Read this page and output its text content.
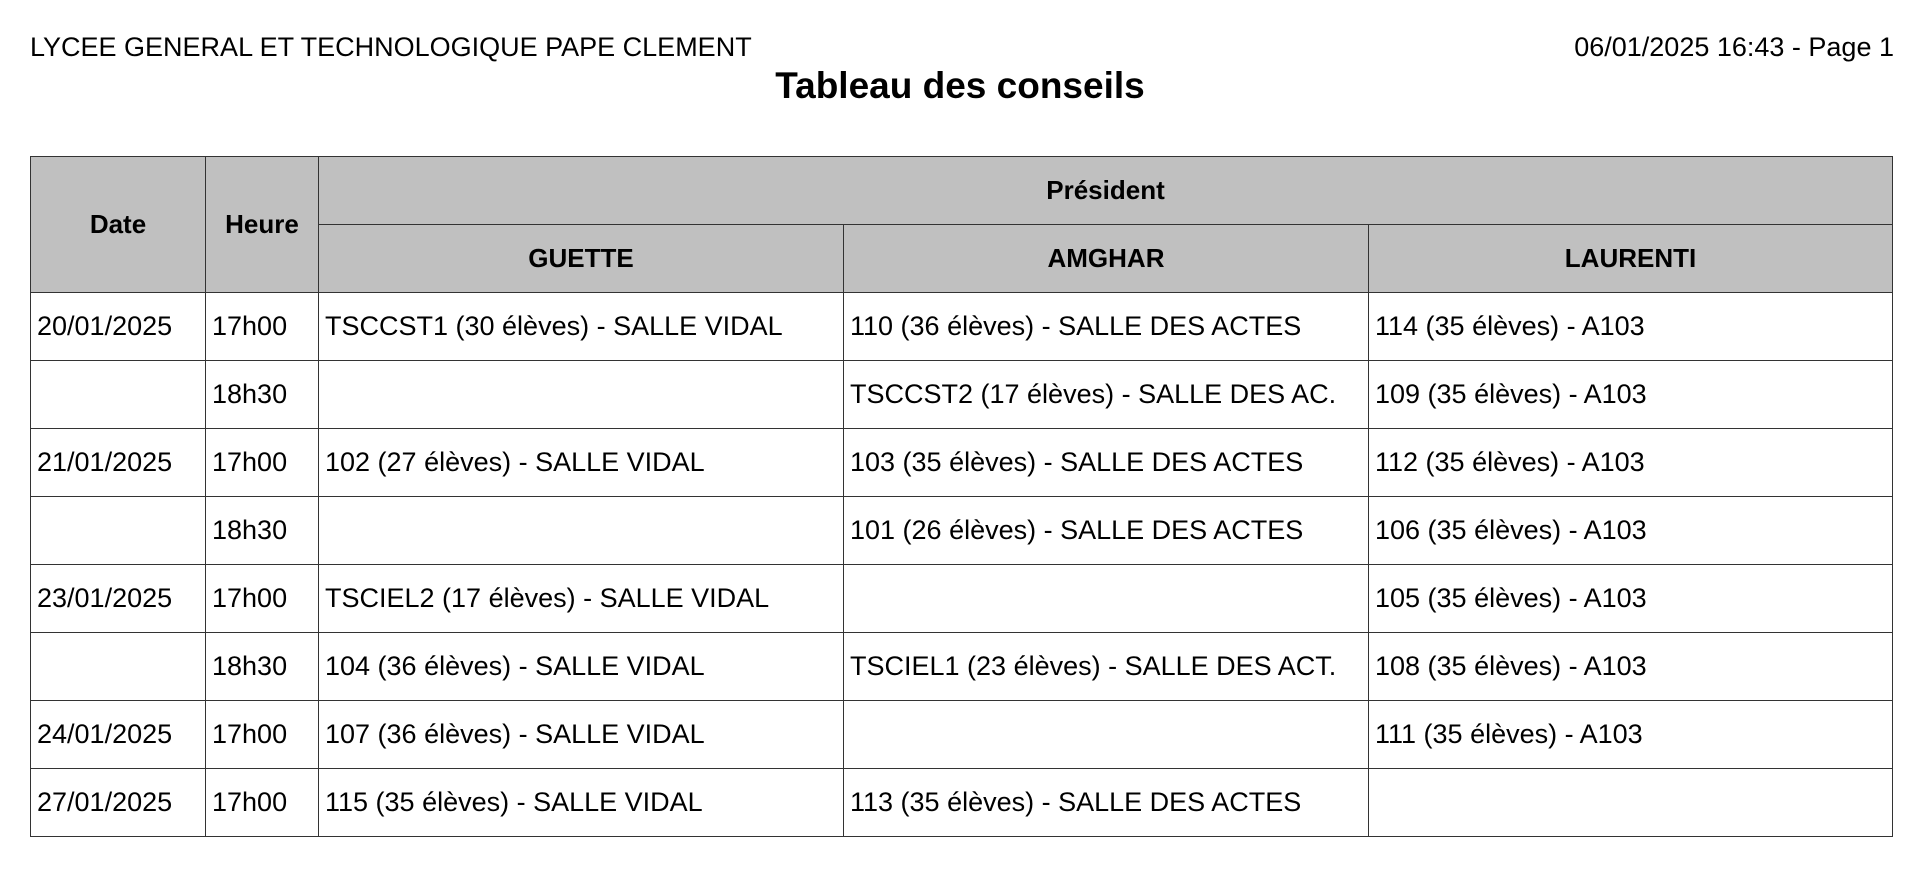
LYCEE GENERAL ET TECHNOLOGIQUE PAPE CLEMENT	06/01/2025 16:43 - Page 1
Tableau des conseils
Date	Heure	Président		
		GUETTE	AMGHAR	LAURENTI
20/01/2025	17h00	TSCCST1 (30 élèves) - SALLE VIDAL	110 (36 élèves) - SALLE DES ACTES	114 (35 élèves) - A103
	18h30		TSCCST2 (17 élèves) - SALLE DES AC.	109 (35 élèves) - A103
21/01/2025	17h00	102 (27 élèves) - SALLE VIDAL	103 (35 élèves) - SALLE DES ACTES	112 (35 élèves) - A103
	18h30		101 (26 élèves) - SALLE DES ACTES	106 (35 élèves) - A103
23/01/2025	17h00	TSCIEL2 (17 élèves) - SALLE VIDAL		105 (35 élèves) - A103
	18h30	104 (36 élèves) - SALLE VIDAL	TSCIEL1 (23 élèves) - SALLE DES ACT.	108 (35 élèves) - A103
24/01/2025	17h00	107 (36 élèves) - SALLE VIDAL		111 (35 élèves) - A103
27/01/2025	17h00	115 (35 élèves) - SALLE VIDAL	113 (35 élèves) - SALLE DES ACTES	
